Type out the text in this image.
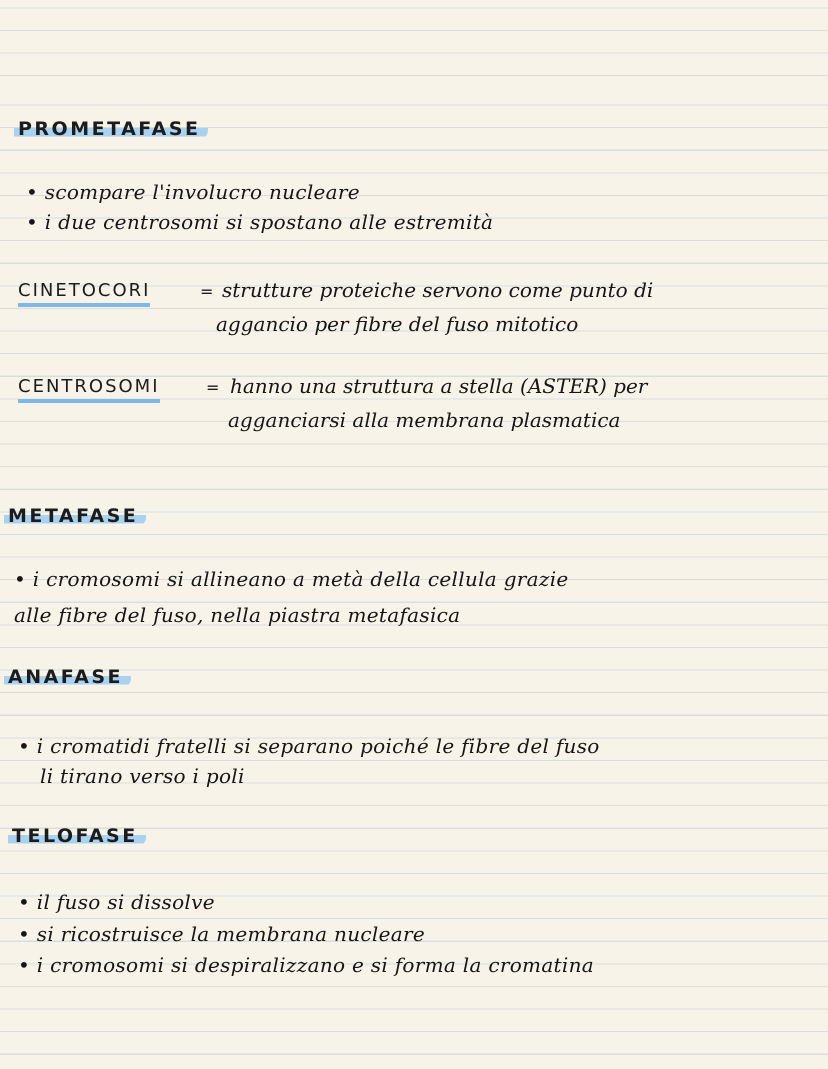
PROMETAFASE
• scompare l'involucro nucleare
• i due centrosomi si spostano alle estremità
CINETOCORI	= strutture proteiche servono come punto di
aggancio per fibre del fuso mitotico
CENTROSOMI	= hanno una struttura a stella (ASTER) per
agganciarsi alla membrana plasmatica
METAFASE
• i cromosomi si allineano a metà della cellula grazie
alle fibre del fuso, nella piastra metafasica
ANAFASE
• i cromatidi fratelli si separano poiché le fibre del fuso
li tirano verso i poli
TELOFASE
• il fuso si dissolve
• si ricostruisce la membrana nucleare
• i cromosomi si despiralizzano e si forma la cromatina
